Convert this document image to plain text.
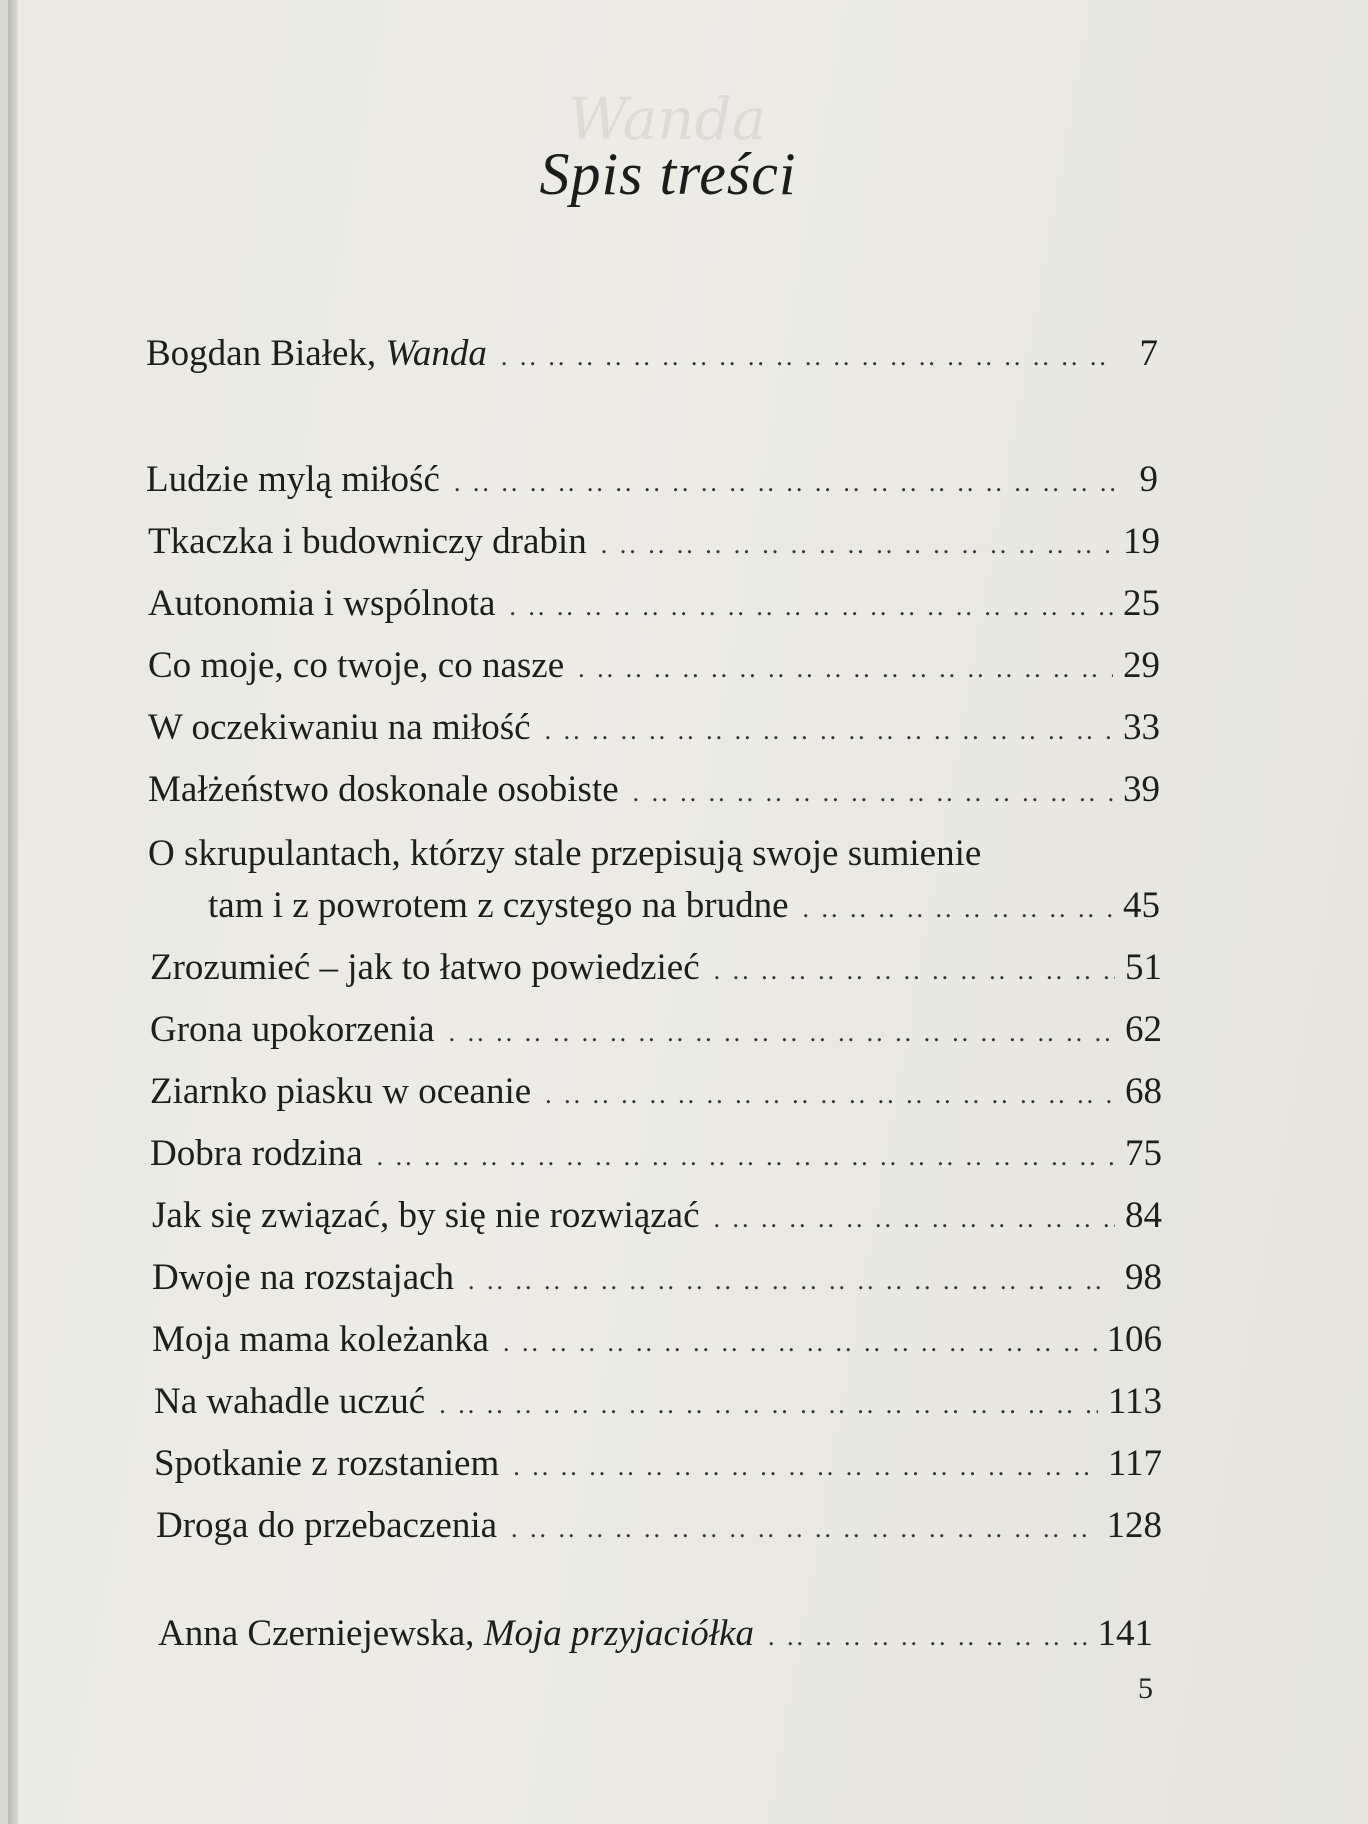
Wanda
Spis treści
Bogdan Białek, Wanda . ..	7
Ludzie mylą miłość . ..	9
Tkaczka i budowniczy drabin . ..	19
Autonomia i wspólnota . ..	25
Co moje, co twoje, co nasze . ..	29
W oczekiwaniu na miłość . ..	33
Małżeństwo doskonale osobiste . ..	39
O skrupulantach, którzy stale przepisują swoje sumienie
tam i z powrotem z czystego na brudne . ..	45
Zrozumieć – jak to łatwo powiedzieć . ..	51
Grona upokorzenia . ..	62
Ziarnko piasku w oceanie . ..	68
Dobra rodzina . ..	75
Jak się związać, by się nie rozwiązać . ..	84
Dwoje na rozstajach . ..	98
Moja mama koleżanka . ..	106
Na wahadle uczuć . ..	113
Spotkanie z rozstaniem . ..	117
Droga do przebaczenia . ..	128
Anna Czerniejewska, Moja przyjaciółka . ..	141
5
